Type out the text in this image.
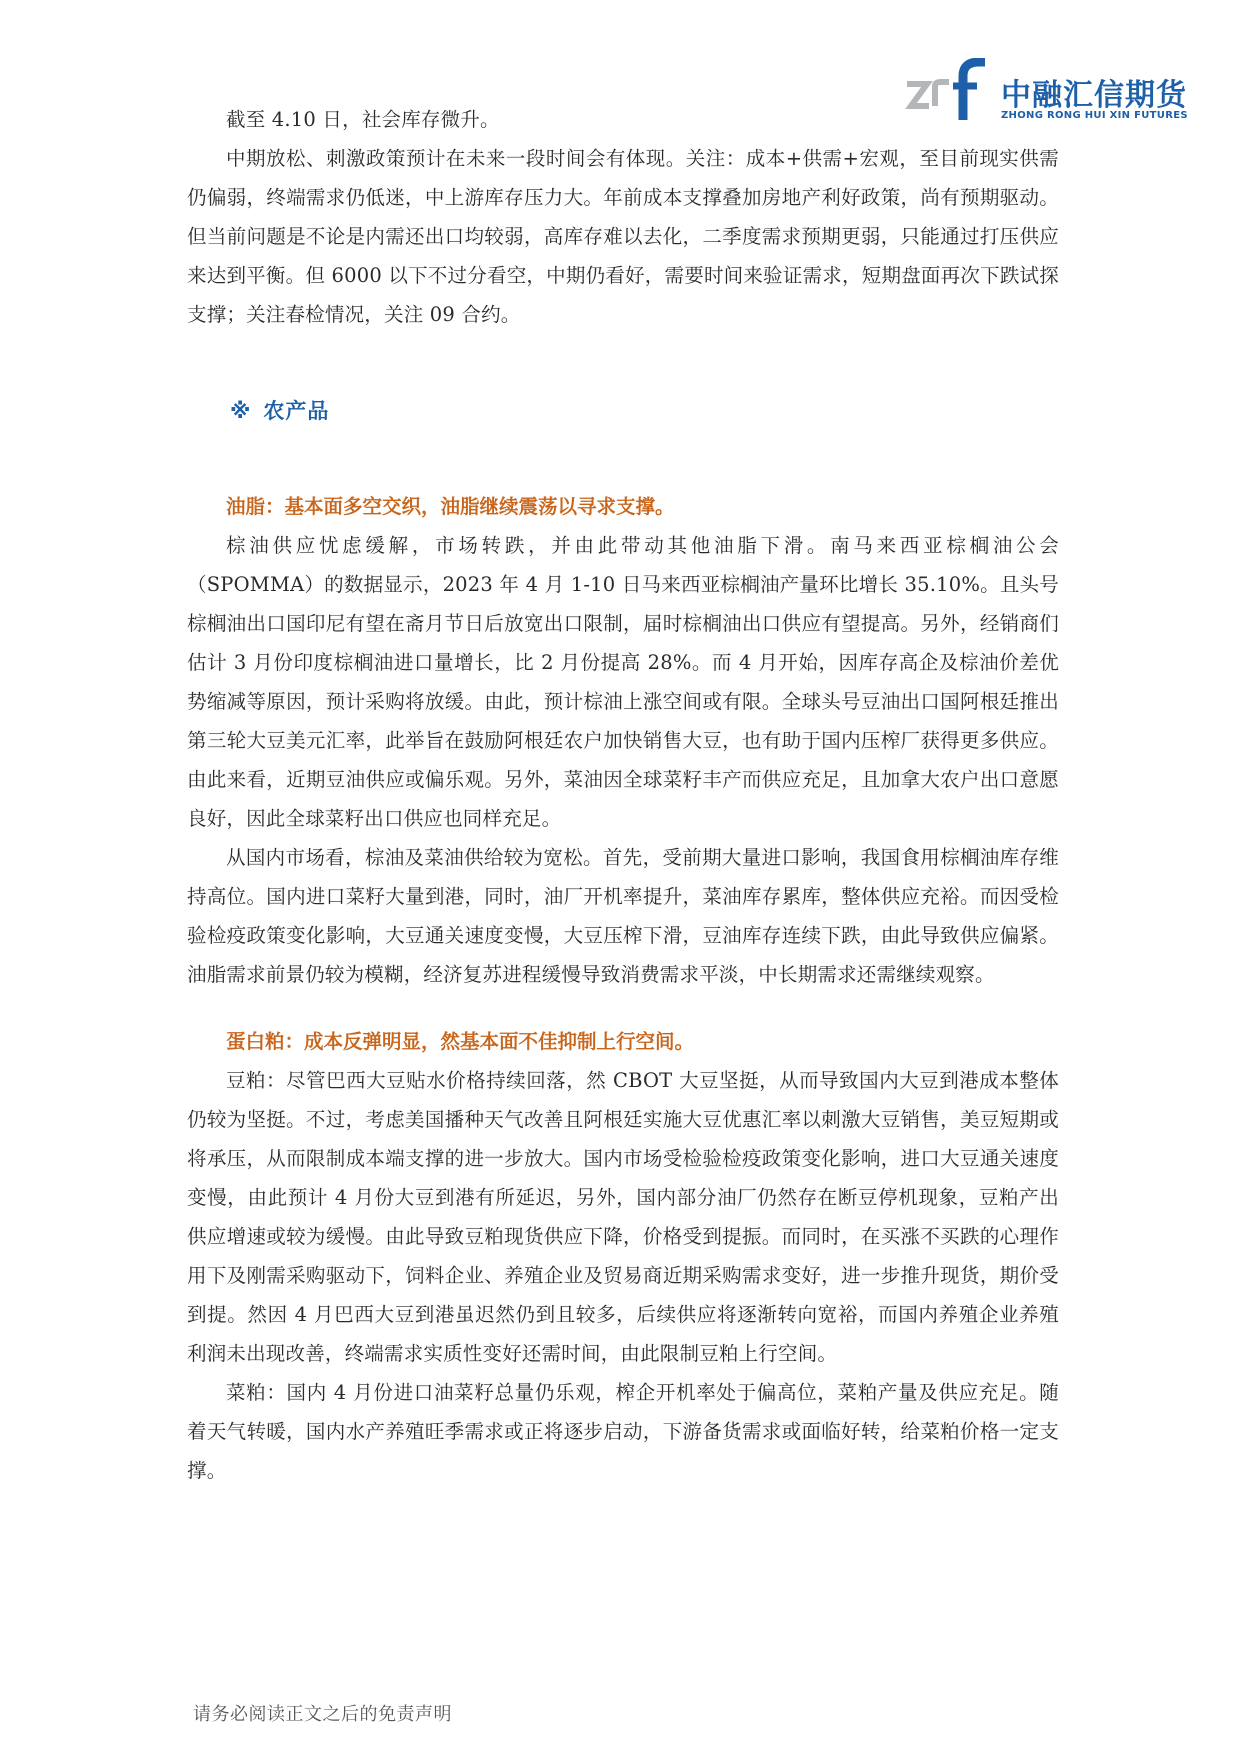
中融汇信期货
ZHONG RONG HUI XIN FUTURES

截至 4.10 日，社会库存微升。

中期放松、刺激政策预计在未来一段时间会有体现。关注：成本+供需+宏观，至目前现实供需仍偏弱，终端需求仍低迷，中上游库存压力大。年前成本支撑叠加房地产利好政策，尚有预期驱动。但当前问题是不论是内需还出口均较弱，高库存难以去化，二季度需求预期更弱，只能通过打压供应来达到平衡。但 6000 以下不过分看空，中期仍看好，需要时间来验证需求，短期盘面再次下跌试探支撑；关注春检情况，关注 09 合约。

※ 农产品

油脂：基本面多空交织，油脂继续震荡以寻求支撑。

棕油供应忧虑缓解，市场转跌，并由此带动其他油脂下滑。南马来西亚棕榈油公会（SPOMMA）的数据显示，2023 年 4 月 1-10 日马来西亚棕榈油产量环比增长 35.10%。且头号棕榈油出口国印尼有望在斋月节日后放宽出口限制，届时棕榈油出口供应有望提高。另外，经销商们估计 3 月份印度棕榈油进口量增长，比 2 月份提高 28%。而 4 月开始，因库存高企及棕油价差优势缩减等原因，预计采购将放缓。由此，预计棕油上涨空间或有限。全球头号豆油出口国阿根廷推出第三轮大豆美元汇率，此举旨在鼓励阿根廷农户加快销售大豆，也有助于国内压榨厂获得更多供应。由此来看，近期豆油供应或偏乐观。另外，菜油因全球菜籽丰产而供应充足，且加拿大农户出口意愿良好，因此全球菜籽出口供应也同样充足。

从国内市场看，棕油及菜油供给较为宽松。首先，受前期大量进口影响，我国食用棕榈油库存维持高位。国内进口菜籽大量到港，同时，油厂开机率提升，菜油库存累库，整体供应充裕。而因受检验检疫政策变化影响，大豆通关速度变慢，大豆压榨下滑，豆油库存连续下跌，由此导致供应偏紧。油脂需求前景仍较为模糊，经济复苏进程缓慢导致消费需求平淡，中长期需求还需继续观察。

蛋白粕：成本反弹明显，然基本面不佳抑制上行空间。

豆粕：尽管巴西大豆贴水价格持续回落，然 CBOT 大豆坚挺，从而导致国内大豆到港成本整体仍较为坚挺。不过，考虑美国播种天气改善且阿根廷实施大豆优惠汇率以刺激大豆销售，美豆短期或将承压，从而限制成本端支撑的进一步放大。国内市场受检验检疫政策变化影响，进口大豆通关速度变慢，由此预计 4 月份大豆到港有所延迟，另外，国内部分油厂仍然存在断豆停机现象，豆粕产出供应增速或较为缓慢。由此导致豆粕现货供应下降，价格受到提振。而同时，在买涨不买跌的心理作用下及刚需采购驱动下，饲料企业、养殖企业及贸易商近期采购需求变好，进一步推升现货，期价受到提。然因 4 月巴西大豆到港虽迟然仍到且较多，后续供应将逐渐转向宽裕，而国内养殖企业养殖利润未出现改善，终端需求实质性变好还需时间，由此限制豆粕上行空间。

菜粕：国内 4 月份进口油菜籽总量仍乐观，榨企开机率处于偏高位，菜粕产量及供应充足。随着天气转暖，国内水产养殖旺季需求或正将逐步启动，下游备货需求或面临好转，给菜粕价格一定支撑。

请务必阅读正文之后的免责声明
